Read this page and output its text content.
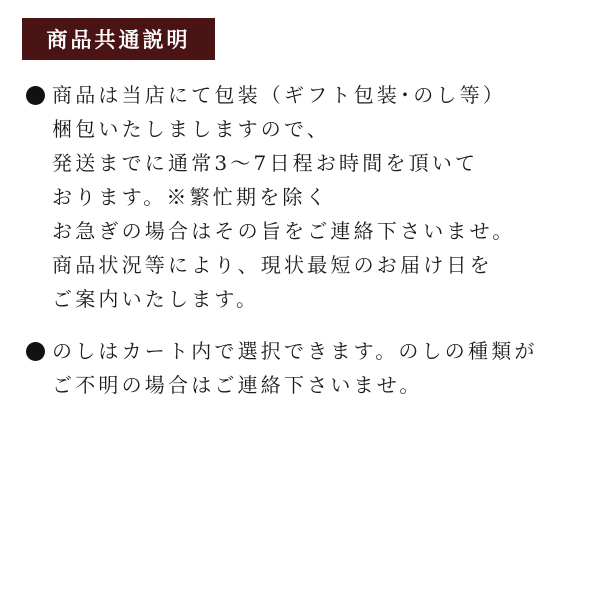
商品共通説明
商品は当店にて包装（ギフト包装･のし等）
梱包いたしましますので、
発送までに通常3～7日程お時間を頂いて
おります。※繁忙期を除く
お急ぎの場合はその旨をご連絡下さいませ。
商品状況等により、現状最短のお届け日を
ご案内いたします。
のしはカート内で選択できます。のしの種類が
ご不明の場合はご連絡下さいませ。
